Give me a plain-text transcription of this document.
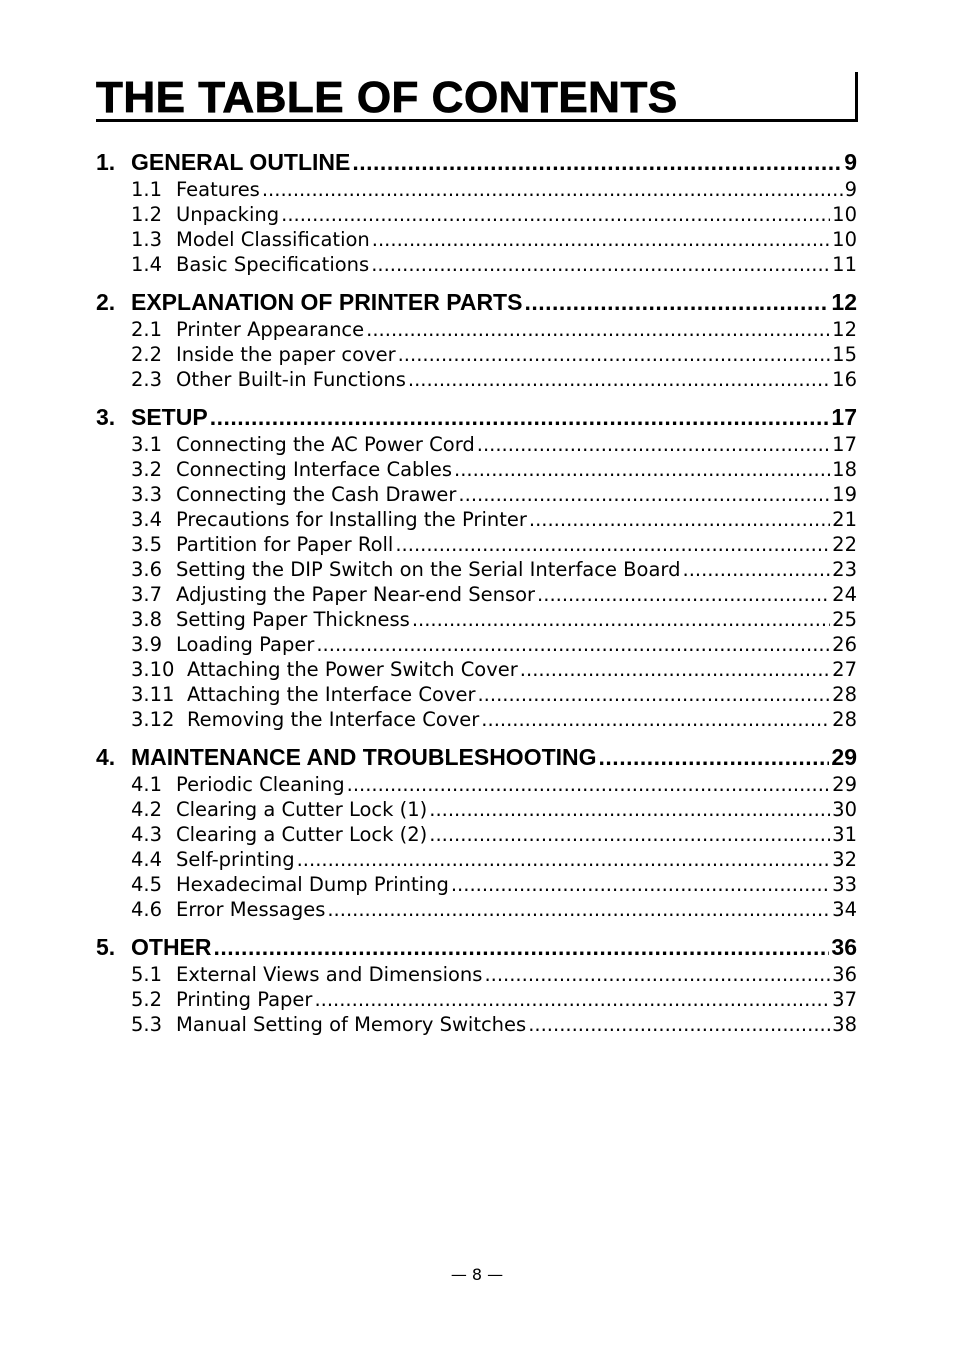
THE TABLE OF CONTENTS
1. GENERAL OUTLINE .....	9
1.1 Features .....	9
1.2 Unpacking .....	10
1.3 Model Classification .....	10
1.4 Basic Specifications .....	11
2. EXPLANATION OF PRINTER PARTS .....	12
2.1 Printer Appearance .....	12
2.2 Inside the paper cover .....	15
2.3 Other Built-in Functions .....	16
3. SETUP .....	17
3.1 Connecting the AC Power Cord .....	17
3.2 Connecting Interface Cables .....	18
3.3 Connecting the Cash Drawer .....	19
3.4 Precautions for Installing the Printer .....	21
3.5 Partition for Paper Roll .....	22
3.6 Setting the DIP Switch on the Serial Interface Board .....	23
3.7 Adjusting the Paper Near-end Sensor .....	24
3.8 Setting Paper Thickness .....	25
3.9 Loading Paper .....	26
3.10 Attaching the Power Switch Cover .....	27
3.11 Attaching the Interface Cover .....	28
3.12 Removing the Interface Cover .....	28
4. MAINTENANCE AND TROUBLESHOOTING .....	29
4.1 Periodic Cleaning .....	29
4.2 Clearing a Cutter Lock (1) .....	30
4.3 Clearing a Cutter Lock (2) .....	31
4.4 Self-printing .....	32
4.5 Hexadecimal Dump Printing .....	33
4.6 Error Messages .....	34
5. OTHER .....	36
5.1 External Views and Dimensions .....	36
5.2 Printing Paper .....	37
5.3 Manual Setting of Memory Switches .....	38
— 8 —
